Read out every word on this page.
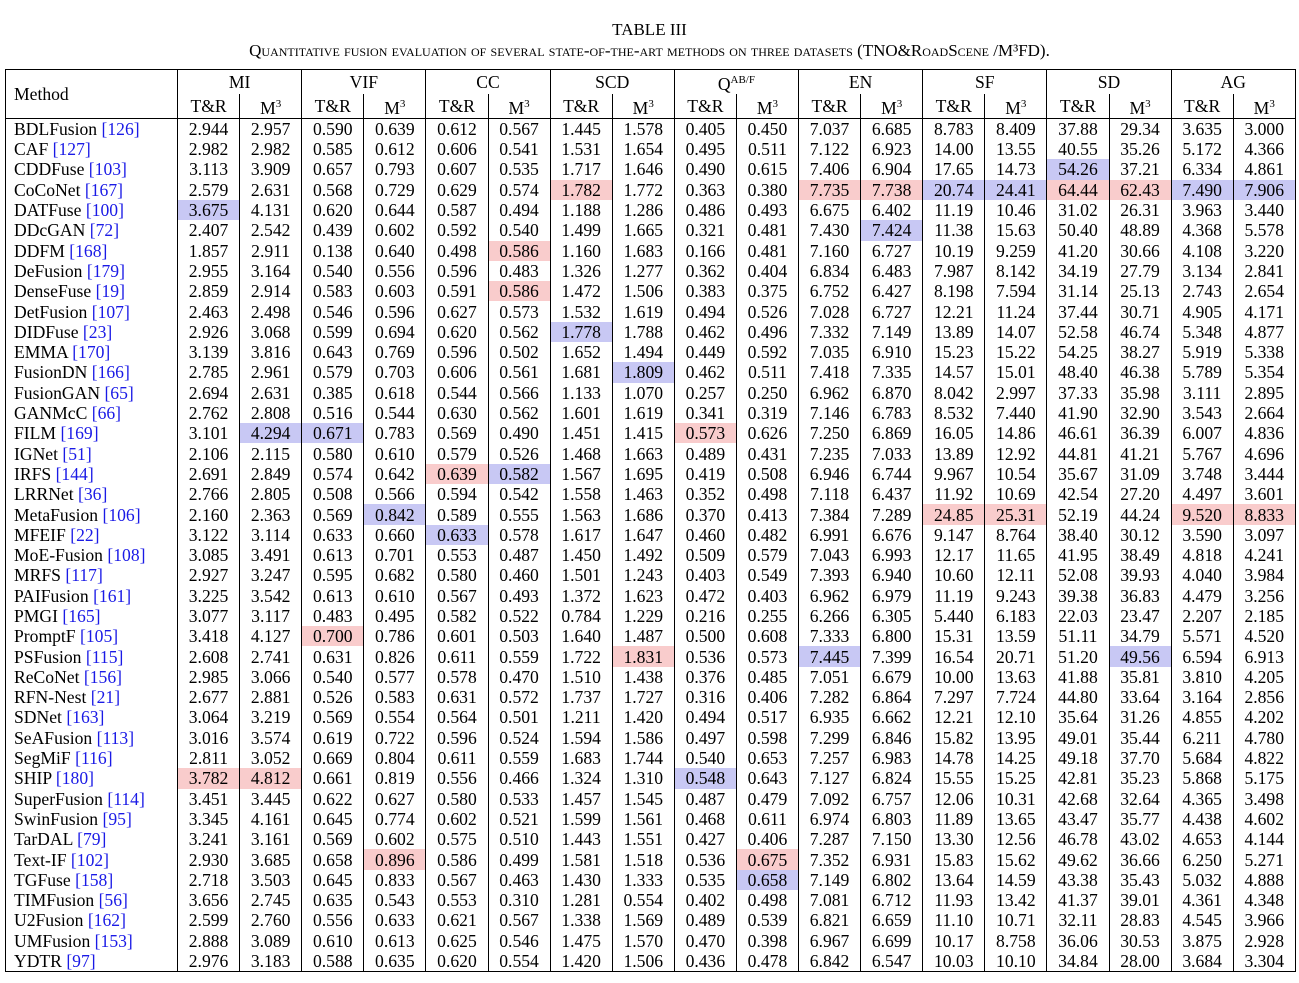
TABLE III
Quantitative fusion evaluation of several state-of-the-art methods on three datasets (TNO&RoadScene /M³FD).
Method	MI		VIF		CC		SCD		$Q^{AB/F}$		EN		SF		SD		AG	
	T&R	$M^3$	T&R	$M^3$	T&R	$M^3$	T&R	$M^3$	T&R	$M^3$	T&R	$M^3$	T&R	$M^3$	T&R	$M^3$	T&R	$M^3$
BDLFusion [126]	2.944	2.957	0.590	0.639	0.612	0.567	1.445	1.578	0.405	0.450	7.037	6.685	8.783	8.409	37.88	29.34	3.635	3.000
CAF [127]	2.982	2.982	0.585	0.612	0.606	0.541	1.531	1.654	0.495	0.511	7.122	6.923	14.00	13.55	40.55	35.26	5.172	4.366
CDDFuse [103]	3.113	3.909	0.657	0.793	0.607	0.535	1.717	1.646	0.490	0.615	7.406	6.904	17.65	14.73	54.26	37.21	6.334	4.861
CoCoNet [167]	2.579	2.631	0.568	0.729	0.629	0.574	1.782	1.772	0.363	0.380	7.735	7.738	20.74	24.41	64.44	62.43	7.490	7.906
DATFuse [100]	3.675	4.131	0.620	0.644	0.587	0.494	1.188	1.286	0.486	0.493	6.675	6.402	11.19	10.46	31.02	26.31	3.963	3.440
DDcGAN [72]	2.407	2.542	0.439	0.602	0.592	0.540	1.499	1.665	0.321	0.481	7.430	7.424	11.38	15.63	50.40	48.89	4.368	5.578
DDFM [168]	1.857	2.911	0.138	0.640	0.498	0.586	1.160	1.683	0.166	0.481	7.160	6.727	10.19	9.259	41.20	30.66	4.108	3.220
DeFusion [179]	2.955	3.164	0.540	0.556	0.596	0.483	1.326	1.277	0.362	0.404	6.834	6.483	7.987	8.142	34.19	27.79	3.134	2.841
DenseFuse [19]	2.859	2.914	0.583	0.603	0.591	0.586	1.472	1.506	0.383	0.375	6.752	6.427	8.198	7.594	31.14	25.13	2.743	2.654
DetFusion [107]	2.463	2.498	0.546	0.596	0.627	0.573	1.532	1.619	0.494	0.526	7.028	6.727	12.21	11.24	37.44	30.71	4.905	4.171
DIDFuse [23]	2.926	3.068	0.599	0.694	0.620	0.562	1.778	1.788	0.462	0.496	7.332	7.149	13.89	14.07	52.58	46.74	5.348	4.877
EMMA [170]	3.139	3.816	0.643	0.769	0.596	0.502	1.652	1.494	0.449	0.592	7.035	6.910	15.23	15.22	54.25	38.27	5.919	5.338
FusionDN [166]	2.785	2.961	0.579	0.703	0.606	0.561	1.681	1.809	0.462	0.511	7.418	7.335	14.57	15.01	48.40	46.38	5.789	5.354
FusionGAN [65]	2.694	2.631	0.385	0.618	0.544	0.566	1.133	1.070	0.257	0.250	6.962	6.870	8.042	2.997	37.33	35.98	3.111	2.895
GANMcC [66]	2.762	2.808	0.516	0.544	0.630	0.562	1.601	1.619	0.341	0.319	7.146	6.783	8.532	7.440	41.90	32.90	3.543	2.664
FILM [169]	3.101	4.294	0.671	0.783	0.569	0.490	1.451	1.415	0.573	0.626	7.250	6.869	16.05	14.86	46.61	36.39	6.007	4.836
IGNet [51]	2.106	2.115	0.580	0.610	0.579	0.526	1.468	1.663	0.489	0.431	7.235	7.033	13.89	12.92	44.81	41.21	5.767	4.696
IRFS [144]	2.691	2.849	0.574	0.642	0.639	0.582	1.567	1.695	0.419	0.508	6.946	6.744	9.967	10.54	35.67	31.09	3.748	3.444
LRRNet [36]	2.766	2.805	0.508	0.566	0.594	0.542	1.558	1.463	0.352	0.498	7.118	6.437	11.92	10.69	42.54	27.20	4.497	3.601
MetaFusion [106]	2.160	2.363	0.569	0.842	0.589	0.555	1.563	1.686	0.370	0.413	7.384	7.289	24.85	25.31	52.19	44.24	9.520	8.833
MFEIF [22]	3.122	3.114	0.633	0.660	0.633	0.578	1.617	1.647	0.460	0.482	6.991	6.676	9.147	8.764	38.40	30.12	3.590	3.097
MoE-Fusion [108]	3.085	3.491	0.613	0.701	0.553	0.487	1.450	1.492	0.509	0.579	7.043	6.993	12.17	11.65	41.95	38.49	4.818	4.241
MRFS [117]	2.927	3.247	0.595	0.682	0.580	0.460	1.501	1.243	0.403	0.549	7.393	6.940	10.60	12.11	52.08	39.93	4.040	3.984
PAIFusion [161]	3.225	3.542	0.613	0.610	0.567	0.493	1.372	1.623	0.472	0.403	6.962	6.979	11.19	9.243	39.38	36.83	4.479	3.256
PMGI [165]	3.077	3.117	0.483	0.495	0.582	0.522	0.784	1.229	0.216	0.255	6.266	6.305	5.440	6.183	22.03	23.47	2.207	2.185
PromptF [105]	3.418	4.127	0.700	0.786	0.601	0.503	1.640	1.487	0.500	0.608	7.333	6.800	15.31	13.59	51.11	34.79	5.571	4.520
PSFusion [115]	2.608	2.741	0.631	0.826	0.611	0.559	1.722	1.831	0.536	0.573	7.445	7.399	16.54	20.71	51.20	49.56	6.594	6.913
ReCoNet [156]	2.985	3.066	0.540	0.577	0.578	0.470	1.510	1.438	0.376	0.485	7.051	6.679	10.00	13.63	41.88	35.81	3.810	4.205
RFN-Nest [21]	2.677	2.881	0.526	0.583	0.631	0.572	1.737	1.727	0.316	0.406	7.282	6.864	7.297	7.724	44.80	33.64	3.164	2.856
SDNet [163]	3.064	3.219	0.569	0.554	0.564	0.501	1.211	1.420	0.494	0.517	6.935	6.662	12.21	12.10	35.64	31.26	4.855	4.202
SeAFusion [113]	3.016	3.574	0.619	0.722	0.596	0.524	1.594	1.586	0.497	0.598	7.299	6.846	15.82	13.95	49.01	35.44	6.211	4.780
SegMiF [116]	2.811	3.052	0.669	0.804	0.611	0.559	1.683	1.744	0.540	0.653	7.257	6.983	14.78	14.25	49.18	37.70	5.684	4.822
SHIP [180]	3.782	4.812	0.661	0.819	0.556	0.466	1.324	1.310	0.548	0.643	7.127	6.824	15.55	15.25	42.81	35.23	5.868	5.175
SuperFusion [114]	3.451	3.445	0.622	0.627	0.580	0.533	1.457	1.545	0.487	0.479	7.092	6.757	12.06	10.31	42.68	32.64	4.365	3.498
SwinFusion [95]	3.345	4.161	0.645	0.774	0.602	0.521	1.599	1.561	0.468	0.611	6.974	6.803	11.89	13.65	43.47	35.77	4.438	4.602
TarDAL [79]	3.241	3.161	0.569	0.602	0.575	0.510	1.443	1.551	0.427	0.406	7.287	7.150	13.30	12.56	46.78	43.02	4.653	4.144
Text-IF [102]	2.930	3.685	0.658	0.896	0.586	0.499	1.581	1.518	0.536	0.675	7.352	6.931	15.83	15.62	49.62	36.66	6.250	5.271
TGFuse [158]	2.718	3.503	0.645	0.833	0.567	0.463	1.430	1.333	0.535	0.658	7.149	6.802	13.64	14.59	43.38	35.43	5.032	4.888
TIMFusion [56]	3.656	2.745	0.635	0.543	0.553	0.310	1.281	0.554	0.402	0.498	7.081	6.712	11.93	13.42	41.37	39.01	4.361	4.348
U2Fusion [162]	2.599	2.760	0.556	0.633	0.621	0.567	1.338	1.569	0.489	0.539	6.821	6.659	11.10	10.71	32.11	28.83	4.545	3.966
UMFusion [153]	2.888	3.089	0.610	0.613	0.625	0.546	1.475	1.570	0.470	0.398	6.967	6.699	10.17	8.758	36.06	30.53	3.875	2.928
YDTR [97]	2.976	3.183	0.588	0.635	0.620	0.554	1.420	1.506	0.436	0.478	6.842	6.547	10.03	10.10	34.84	28.00	3.684	3.304
